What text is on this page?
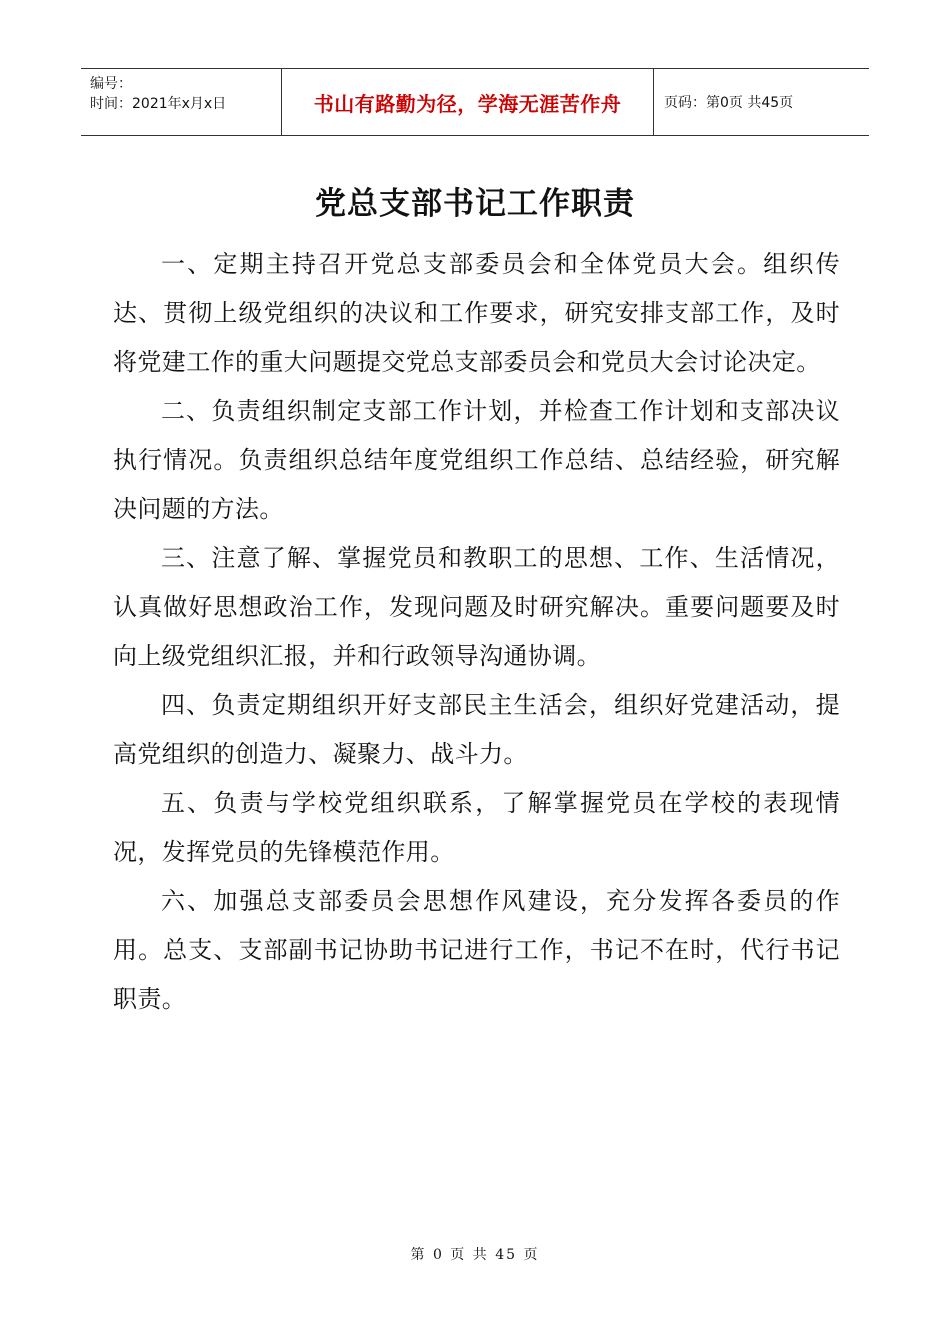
编号：
时间：2021年x月x日	书山有路勤为径，学海无涯苦作舟	页码：第0页 共45页
党总支部书记工作职责

一、定期主持召开党总支部委员会和全体党员大会。组织传达、贯彻上级党组织的决议和工作要求，研究安排支部工作，及时将党建工作的重大问题提交党总支部委员会和党员大会讨论决定。

二、负责组织制定支部工作计划，并检查工作计划和支部决议执行情况。负责组织总结年度党组织工作总结、总结经验，研究解决问题的方法。

三、注意了解、掌握党员和教职工的思想、工作、生活情况，认真做好思想政治工作，发现问题及时研究解决。重要问题要及时向上级党组织汇报，并和行政领导沟通协调。

四、负责定期组织开好支部民主生活会，组织好党建活动，提高党组织的创造力、凝聚力、战斗力。

五、负责与学校党组织联系，了解掌握党员在学校的表现情况，发挥党员的先锋模范作用。

六、加强总支部委员会思想作风建设，充分发挥各委员的作用。总支、支部副书记协助书记进行工作，书记不在时，代行书记职责。

第 0 页 共 45 页
